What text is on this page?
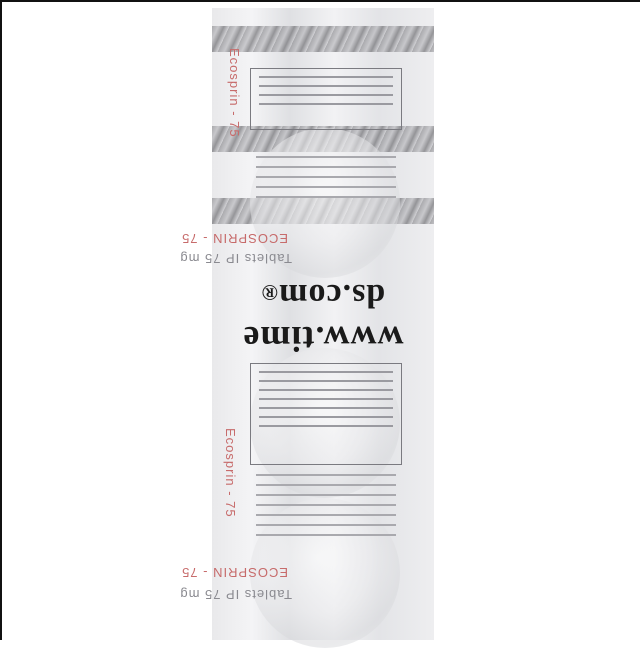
ECOSPRIN - 75
Tablets IP 75 mg
ECOSPRIN - 75
Tablets IP 75 mg
Ecosprin - 75
Ecosprin - 75
ds.com®
www.time
